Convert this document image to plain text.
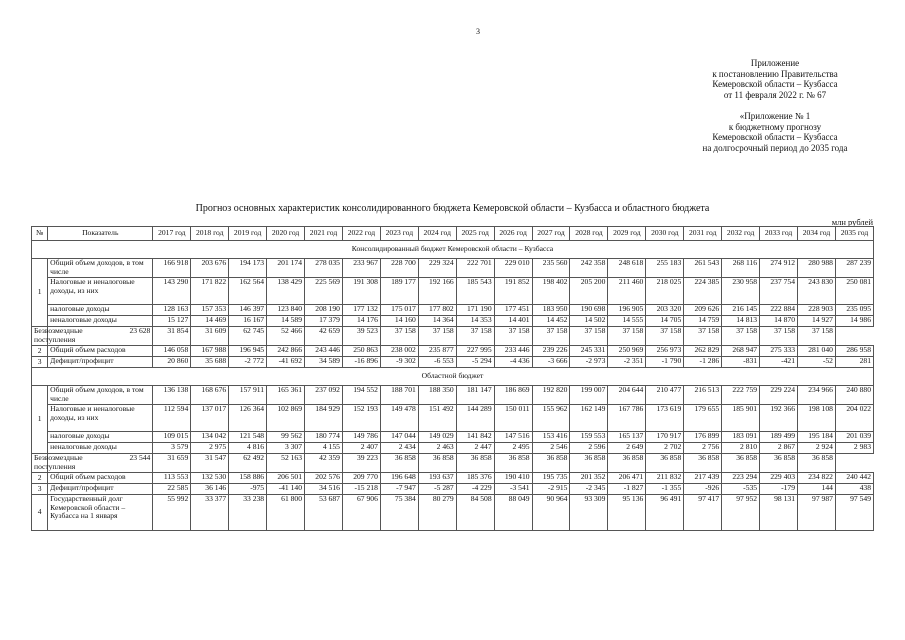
3
Приложение
к постановлению Правительства
Кемеровской области – Кузбасса
от 11 февраля 2022 г. № 67
«Приложение № 1
к бюджетному прогнозу
Кемеровской области – Кузбасса
на долгосрочный период до 2035 года
Прогноз основных характеристик консолидированного бюджета Кемеровской области – Кузбасса и областного бюджета
млн рублей
№	Показатель	2017 год	2018 год	2019 год	2020 год	2021 год	2022 год	2023 год	2024 год	2025 год	2026 год	2027 год	2028 год	2029 год	2030 год	2031 год	2032 год	2033 год	2034 год	2035 год
Консолидированный бюджет Кемеровской области – Кузбасса																				
1	Общий объем доходов, в том числе	166 918	203 676	194 173	201 174	278 035	233 967	228 700	229 324	222 701	229 010	235 560	242 358	248 618	255 183	261 543	268 116	274 912	280 988	287 239
	Налоговые и неналоговые доходы, из них	143 290	171 822	162 564	138 429	225 569	191 308	189 177	192 166	185 543	191 852	198 402	205 200	211 460	218 025	224 385	230 958	237 754	243 830	250 081
	налоговые доходы	128 163	157 353	146 397	123 840	208 190	177 132	175 017	177 802	171 190	177 451	183 950	190 698	196 905	203 320	209 626	216 145	222 884	228 903	235 095
	неналоговые доходы	15 127	14 469	16 167	14 589	17 379	14 176	14 160	14 364	14 353	14 401	14 452	14 502	14 555	14 705	14 759	14 813	14 870	14 927	14 986
Безвозмездные поступления	23 628	31 854	31 609	62 745	52 466	42 659	39 523	37 158	37 158	37 158	37 158	37 158	37 158	37 158	37 158	37 158	37 158	37 158	37 158	
2	Общий объем расходов	146 058	167 988	196 945	242 866	243 446	250 863	238 002	235 877	227 995	233 446	239 226	245 331	250 969	256 973	262 829	268 947	275 333	281 040	286 958
3	Дефицит/профицит	20 860	35 688	-2 772	-41 692	34 589	-16 896	-9 302	-6 553	-5 294	-4 436	-3 666	-2 973	-2 351	-1 790	-1 286	-831	-421	-52	281
Областной бюджет																				
1	Общий объем доходов, в том числе	136 138	168 676	157 911	165 361	237 092	194 552	188 701	188 350	181 147	186 869	192 820	199 007	204 644	210 477	216 513	222 759	229 224	234 966	240 880
	Налоговые и неналоговые доходы, из них	112 594	137 017	126 364	102 869	184 929	152 193	149 478	151 492	144 289	150 011	155 962	162 149	167 786	173 619	179 655	185 901	192 366	198 108	204 022
	налоговые доходы	109 015	134 042	121 548	99 562	180 774	149 786	147 044	149 029	141 842	147 516	153 416	159 553	165 137	170 917	176 899	183 091	189 499	195 184	201 039
	неналоговые доходы	3 579	2 975	4 816	3 307	4 155	2 407	2 434	2 463	2 447	2 495	2 546	2 596	2 649	2 702	2 756	2 810	2 867	2 924	2 983
Безвозмездные поступления	23 544	31 659	31 547	62 492	52 163	42 359	39 223	36 858	36 858	36 858	36 858	36 858	36 858	36 858	36 858	36 858	36 858	36 858	36 858	
2	Общий объем расходов	113 553	132 530	158 886	206 501	202 576	209 770	196 648	193 637	185 376	190 410	195 735	201 352	206 471	211 832	217 439	223 294	229 403	234 822	240 442
3	Дефицит/профицит	22 585	36 146	-975	-41 140	34 516	-15 218	-7 947	-5 287	-4 229	-3 541	-2 915	-2 345	-1 827	-1 355	-926	-535	-179	144	438
4	Государственный долг Кемеровской области – Кузбасса на 1 января	55 992	33 377	33 238	61 800	53 687	67 906	75 384	80 279	84 508	88 049	90 964	93 309	95 136	96 491	97 417	97 952	98 131	97 987	97 549
